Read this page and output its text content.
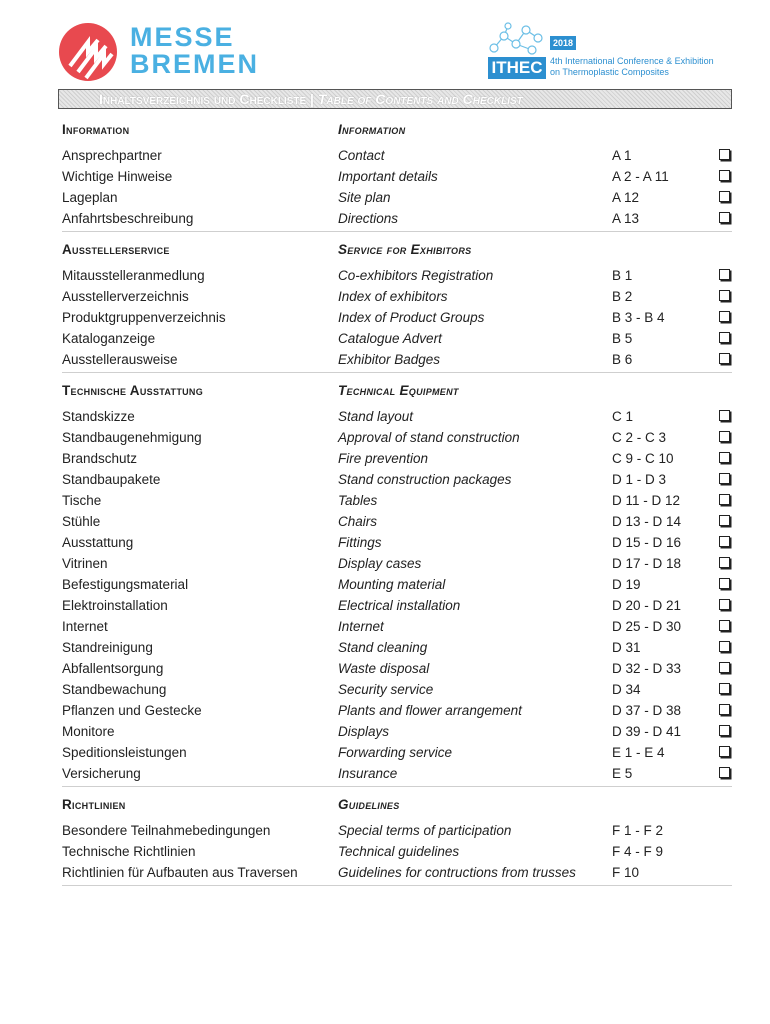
MESSE BREMEN	ITHEC
2018
4th International Conference & Exhibition
on Thermoplastic Composites
Inhaltsverzeichnis und Checkliste | Table of Contents and Checklist
Information	Information
Ansprechpartner	Contact	A 1
Wichtige Hinweise	Important details	A 2 - A 11
Lageplan	Site plan	A 12
Anfahrtsbeschreibung	Directions	A 13
Ausstellerservice	Service for Exhibitors
Mitausstelleranmedlung	Co-exhibitors Registration	B 1
Ausstellerverzeichnis	Index of exhibitors	B 2
Produktgruppenverzeichnis	Index of Product Groups	B 3 - B 4
Kataloganzeige	Catalogue Advert	B 5
Ausstellerausweise	Exhibitor Badges	B 6
Technische Ausstattung	Technical Equipment
Standskizze	Stand layout	C 1
Standbaugenehmigung	Approval of stand construction	C 2 - C 3
Brandschutz	Fire prevention	C 9 - C 10
Standbaupakete	Stand construction packages	D 1 - D 3
Tische	Tables	D 11 - D 12
Stühle	Chairs	D 13 - D 14
Ausstattung	Fittings	D 15 - D 16
Vitrinen	Display cases	D 17 - D 18
Befestigungsmaterial	Mounting material	D 19
Elektroinstallation	Electrical installation	D 20 - D 21
Internet	Internet	D 25 - D 30
Standreinigung	Stand cleaning	D 31
Abfallentsorgung	Waste disposal	D 32 - D 33
Standbewachung	Security service	D 34
Pflanzen und Gestecke	Plants and flower arrangement	D 37 - D 38
Monitore	Displays	D 39 - D 41
Speditionsleistungen	Forwarding service	E 1 - E 4
Versicherung	Insurance	E 5
Richtlinien	Guidelines
Besondere Teilnahmebedingungen	Special terms of participation	F 1 - F 2
Technische Richtlinien	Technical guidelines	F 4 - F 9
Richtlinien für Aufbauten aus Traversen	Guidelines for contructions from trusses	F 10
